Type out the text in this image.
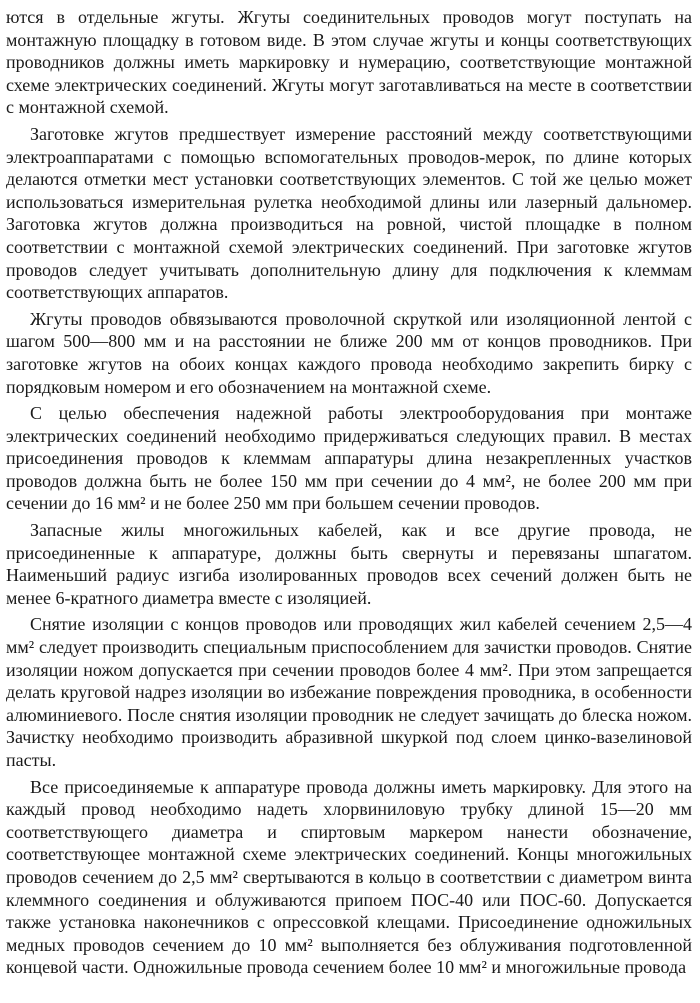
ются в отдельные жгуты. Жгуты соединительных проводов могут поступать на монтажную площадку в готовом виде. В этом случае жгуты и концы соответствующих проводников должны иметь маркировку и нумерацию, соответствующие монтажной схеме электрических соединений. Жгуты могут заготавливаться на месте в соответствии с монтажной схемой.

Заготовке жгутов предшествует измерение расстояний между соответствующими электроаппаратами с помощью вспомогательных проводов-мерок, по длине которых делаются отметки мест установки соответствующих элементов. С той же целью может использоваться измерительная рулетка необходимой длины или лазерный дальномер. Заготовка жгутов должна производиться на ровной, чистой площадке в полном соответствии с монтажной схемой электрических соединений. При заготовке жгутов проводов следует учитывать дополнительную длину для подключения к клеммам соответствующих аппаратов.

Жгуты проводов обвязываются проволочной скруткой или изоляционной лентой с шагом 500—800 мм и на расстоянии не ближе 200 мм от концов проводников. При заготовке жгутов на обоих концах каждого провода необходимо закрепить бирку с порядковым номером и его обозначением на монтажной схеме.

С целью обеспечения надежной работы электрооборудования при монтаже электрических соединений необходимо придерживаться следующих правил. В местах присоединения проводов к клеммам аппаратуры длина незакрепленных участков проводов должна быть не более 150 мм при сечении до 4 мм², не более 200 мм при сечении до 16 мм² и не более 250 мм при большем сечении проводов.

Запасные жилы многожильных кабелей, как и все другие провода, не присоединенные к аппаратуре, должны быть свернуты и перевязаны шпагатом. Наименьший радиус изгиба изолированных проводов всех сечений должен быть не менее 6-кратного диаметра вместе с изоляцией.

Снятие изоляции с концов проводов или проводящих жил кабелей сечением 2,5—4 мм² следует производить специальным приспособлением для зачистки проводов. Снятие изоляции ножом допускается при сечении проводов более 4 мм². При этом запрещается делать круговой надрез изоляции во избежание повреждения проводника, в особенности алюминиевого. После снятия изоляции проводник не следует зачищать до блеска ножом. Зачистку необходимо производить абразивной шкуркой под слоем цинко-вазелиновой пасты.

Все присоединяемые к аппаратуре провода должны иметь маркировку. Для этого на каждый провод необходимо надеть хлорвиниловую трубку длиной 15—20 мм соответствующего диаметра и спиртовым маркером нанести обозначение, соответствующее монтажной схеме электрических соединений. Концы многожильных проводов сечением до 2,5 мм² свертываются в кольцо в соответствии с диаметром винта клеммного соединения и облуживаются припоем ПОС-40 или ПОС-60. Допускается также установка наконечников с опрессовкой клещами. Присоединение одножильных медных проводов сечением до 10 мм² выполняется без облуживания подготовленной концевой части. Одножильные провода сечением более 10 мм² и многожильные провода
